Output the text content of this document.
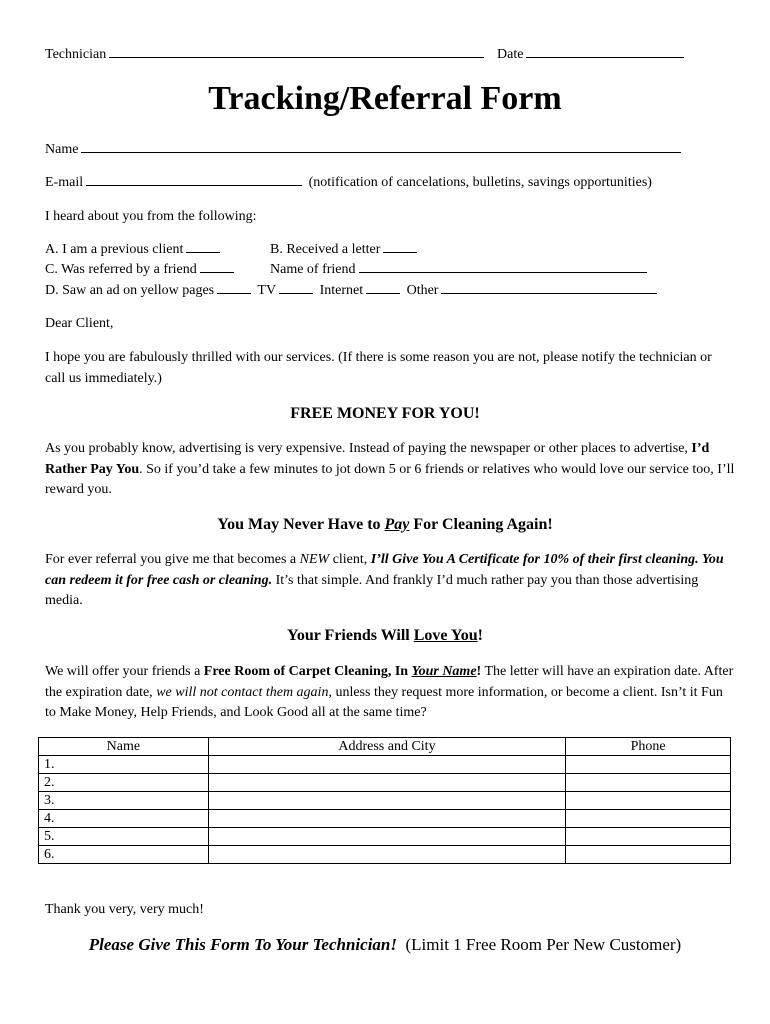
Technician	Date
Tracking/Referral Form
Name
E-mail	(notification of cancelations, bulletins, savings opportunities)
I heard about you from the following:
A. I am a previous client	B. Received a letter
C. Was referred by a friend	Name of friend
D. Saw an ad on yellow pages	TV	Internet	Other
Dear Client,
I hope you are fabulously thrilled with our services. (If there is some reason you are not, please notify the technician or call us immediately.)
FREE MONEY FOR YOU!
As you probably know, advertising is very expensive. Instead of paying the newspaper or other places to advertise, I’d Rather Pay You. So if you’d take a few minutes to jot down 5 or 6 friends or relatives who would love our service too, I’ll reward you.
You May Never Have to Pay For Cleaning Again!
For ever referral you give me that becomes a NEW client, I’ll Give You A Certificate for 10% of their first cleaning. You can redeem it for free cash or cleaning. It’s that simple. And frankly I’d much rather pay you than those advertising media.
Your Friends Will Love You!
We will offer your friends a Free Room of Carpet Cleaning, In Your Name! The letter will have an expiration date. After the expiration date, we will not contact them again, unless they request more information, or become a client. Isn’t it Fun to Make Money, Help Friends, and Look Good all at the same time?
Name	Address and City	Phone
1.		
2.		
3.		
4.		
5.		
6.		
Thank you very, very much!
Please Give This Form To Your Technician! (Limit 1 Free Room Per New Customer)
